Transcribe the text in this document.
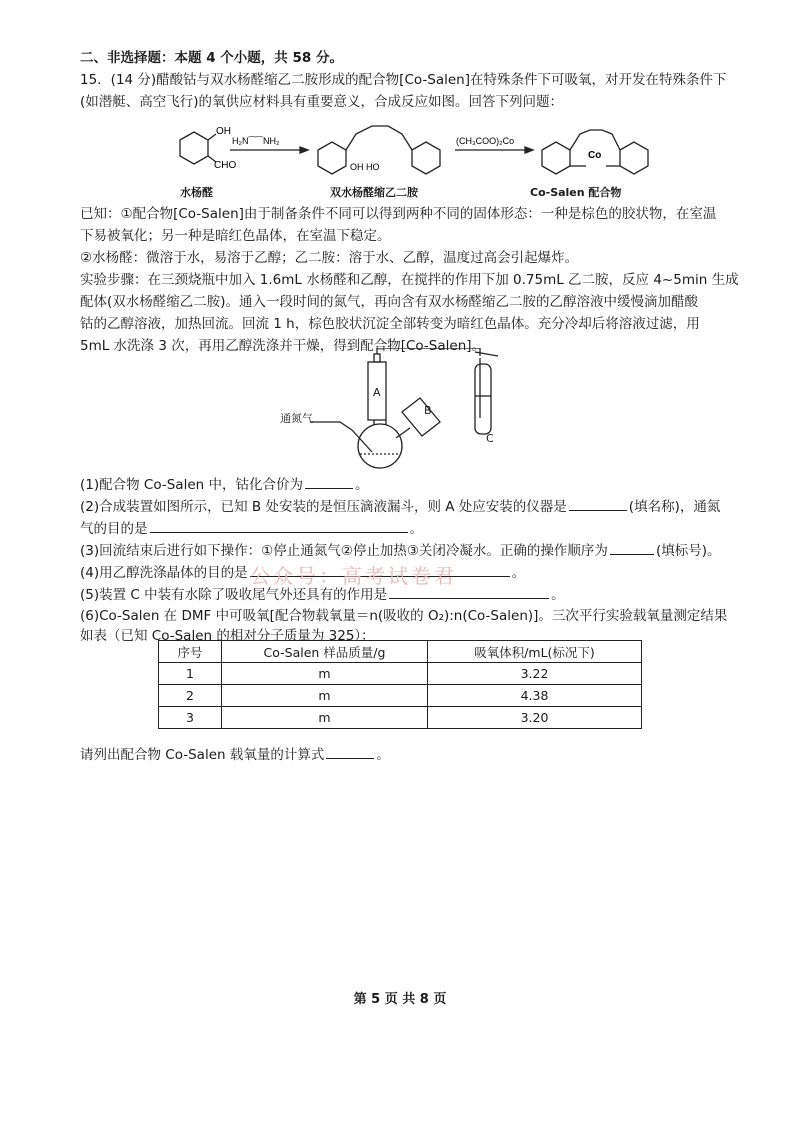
二、非选择题：本题 4 个小题，共 58 分。
15．(14 分)醋酸钴与双水杨醛缩乙二胺形成的配合物[Co-Salen]在特殊条件下可吸氧，对开发在特殊条件下
(如潜艇、高空飞行)的氧供应材料具有重要意义，合成反应如图。回答下列问题：
OH
CHO
H₂N⁀⁀NH₂
OH HO
(CH₃COO)₂Co
Co
水杨醛	双水杨醛缩乙二胺	Co-Salen 配合物
已知：①配合物[Co-Salen]由于制备条件不同可以得到两种不同的固体形态：一种是棕色的胶状物，在室温
下易被氧化；另一种是暗红色晶体，在室温下稳定。
②水杨醛：微溶于水，易溶于乙醇；乙二胺：溶于水、乙醇，温度过高会引起爆炸。
实验步骤：在三颈烧瓶中加入 1.6mL 水杨醛和乙醇，在搅拌的作用下加 0.75mL 乙二胺，反应 4~5min 生成
配体(双水杨醛缩乙二胺)。通入一段时间的氮气，再向含有双水杨醛缩乙二胺的乙醇溶液中缓慢滴加醋酸
钴的乙醇溶液，加热回流。回流 1 h，棕色胶状沉淀全部转变为暗红色晶体。充分冷却后将溶液过滤，用
5mL 水洗涤 3 次，再用乙醇洗涤并干燥，得到配合物[Co-Salen]。
通氮气
A
B
C
(1)配合物 Co-Salen 中，钴化合价为	。
(2)合成装置如图所示，已知 B 处安装的是恒压滴液漏斗，则 A 处应安装的仪器是	(填名称)，通氮
气的目的是	。
(3)回流结束后进行如下操作：①停止通氮气②停止加热③关闭冷凝水。正确的操作顺序为	(填标号)。
(4)用乙醇洗涤晶体的目的是	。
(5)装置 C 中装有水除了吸收尾气外还具有的作用是	。
(6)Co-Salen 在 DMF 中可吸氧[配合物载氧量＝n(吸收的 O₂):n(Co-Salen)]。三次平行实验载氧量测定结果
如表（已知 Co-Salen 的相对分子质量为 325）：
序号	Co-Salen 样品质量/g	吸氧体积/mL(标况下)
1	m	3.22
2	m	4.38
3	m	3.20
请列出配合物 Co-Salen 载氧量的计算式	。
公众号：高考试卷君
第 5 页 共 8 页
